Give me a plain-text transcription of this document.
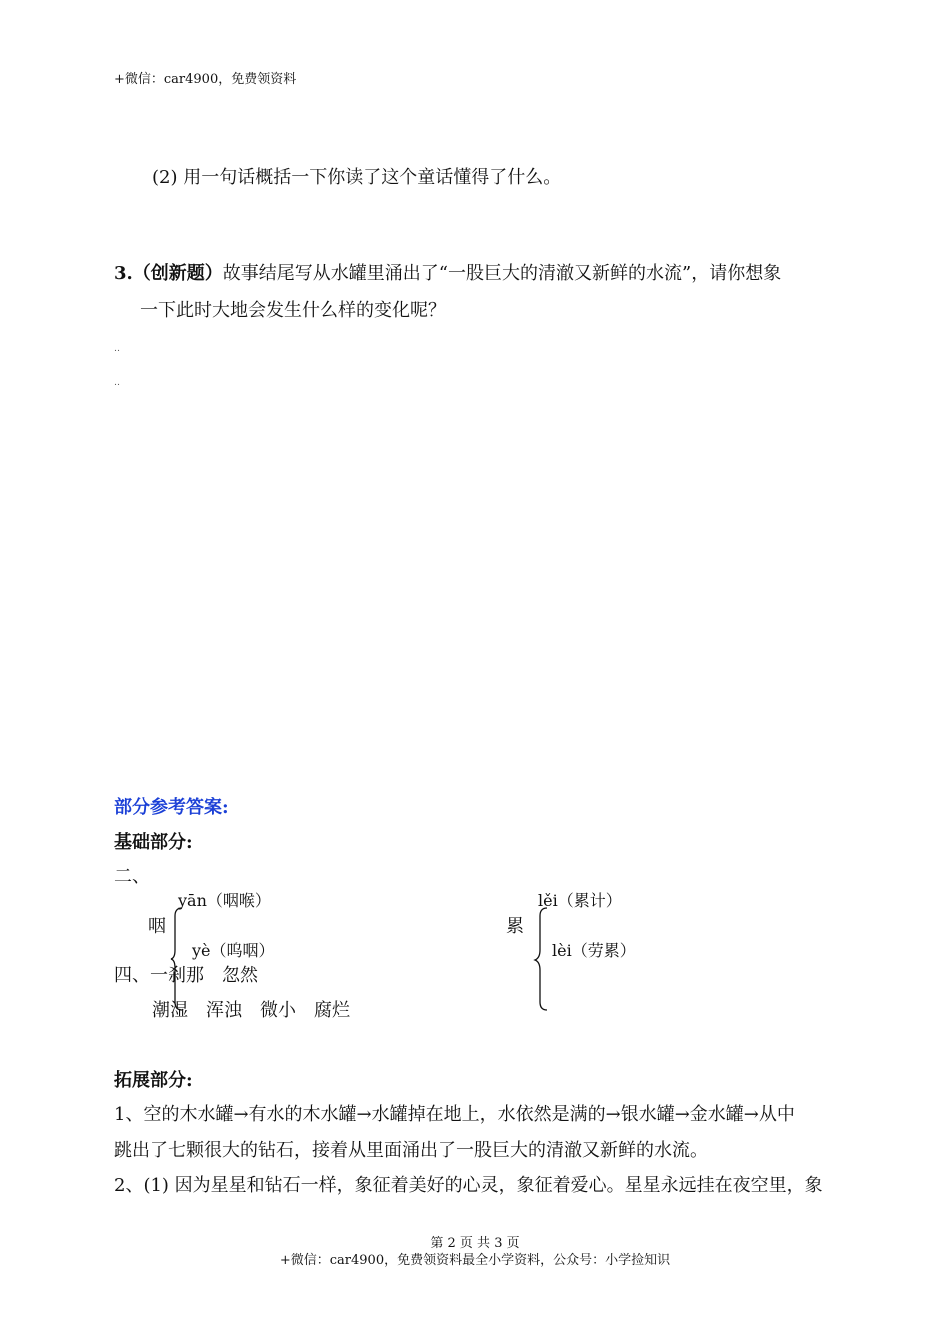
+微信：car4900，免费领资料
(2) 用一句话概括一下你读了这个童话懂得了什么。
3.（创新题）故事结尾写从水罐里涌出了“一股巨大的清澈又新鲜的水流”，请你想象
一下此时大地会发生什么样的变化呢？
‥
‥
部分参考答案:
基础部分:
二、
yān（咽喉）
咽
yè（呜咽）
lěi（累计）
累
lèi（劳累）
四、一刹那　忽然
潮湿　浑浊　微小　腐烂
拓展部分:
1、空的木水罐→有水的木水罐→水罐掉在地上，水依然是满的→银水罐→金水罐→从中
跳出了七颗很大的钻石，接着从里面涌出了一股巨大的清澈又新鲜的水流。
2、(1) 因为星星和钻石一样，象征着美好的心灵，象征着爱心。星星永远挂在夜空里，象
第 2 页 共 3 页
+微信：car4900，免费领资料最全小学资料，公众号：小学捡知识
